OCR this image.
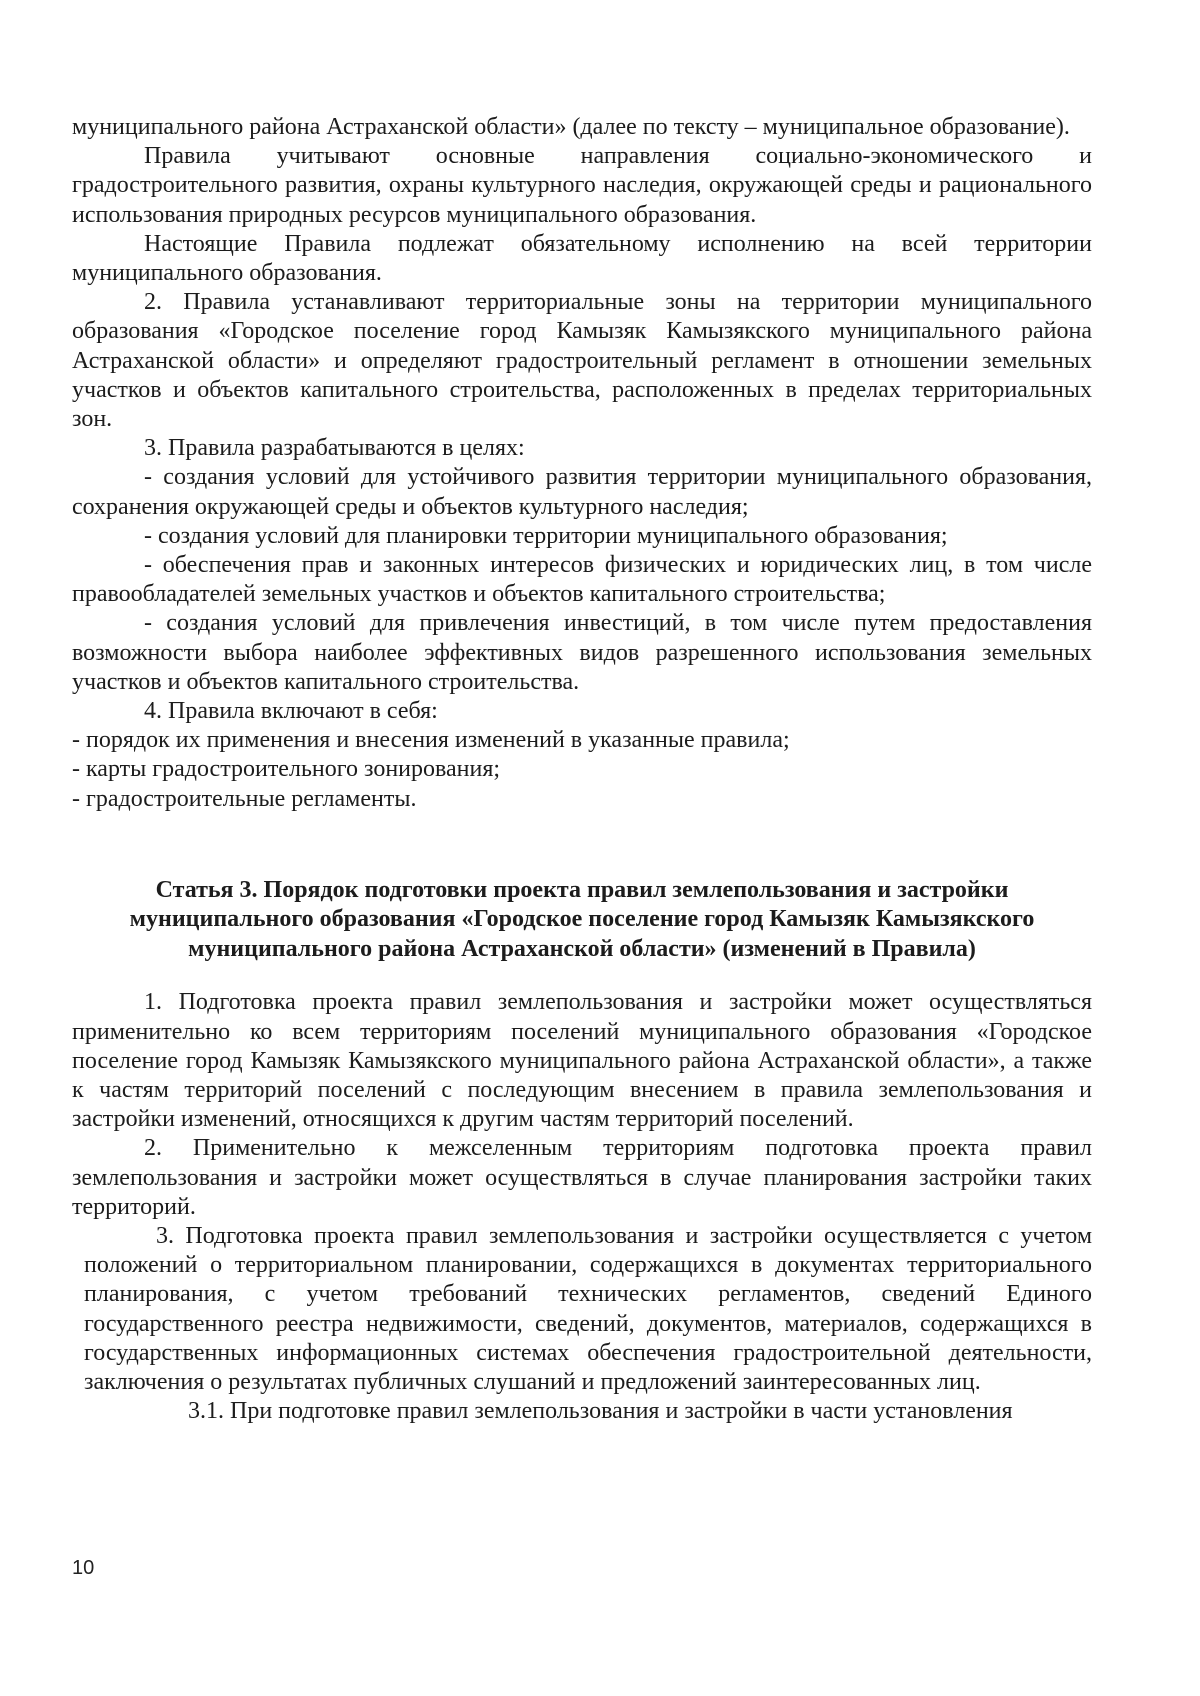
муниципального района Астраханской области» (далее по тексту – муниципальное образование).

Правила учитывают основные направления социально-экономического и градостроительного развития, охраны культурного наследия, окружающей среды и рационального использования природных ресурсов муниципального образования.

Настоящие Правила подлежат обязательному исполнению на всей территории муниципального образования.

2. Правила устанавливают территориальные зоны на территории муниципального образования «Городское поселение город Камызяк Камызякского муниципального района Астраханской области» и определяют градостроительный регламент в отношении земельных участков и объектов капитального строительства, расположенных в пределах территориальных зон.

3. Правила разрабатываются в целях:

- создания условий для устойчивого развития территории муниципального образования, сохранения окружающей среды и объектов культурного наследия;

- создания условий для планировки территории муниципального образования;

- обеспечения прав и законных интересов физических и юридических лиц, в том числе правообладателей земельных участков и объектов капитального строительства;

- создания условий для привлечения инвестиций, в том числе путем предоставления возможности выбора наиболее эффективных видов разрешенного использования земельных участков и объектов капитального строительства.

4. Правила включают в себя:

- порядок их применения и внесения изменений в указанные правила;

- карты градостроительного зонирования;

- градостроительные регламенты.

Статья 3. Порядок подготовки проекта правил землепользования и застройки муниципального образования «Городское поселение город Камызяк Камызякского муниципального района Астраханской области» (изменений в Правила)

1. Подготовка проекта правил землепользования и застройки может осуществляться применительно ко всем территориям поселений муниципального образования «Городское поселение город Камызяк Камызякского муниципального района Астраханской области», а также к частям территорий поселений с последующим внесением в правила землепользования и застройки изменений, относящихся к другим частям территорий поселений.

2. Применительно к межселенным территориям подготовка проекта правил землепользования и застройки может осуществляться в случае планирования застройки таких территорий.

3. Подготовка проекта правил землепользования и застройки осуществляется с учетом положений о территориальном планировании, содержащихся в документах территориального планирования, с учетом требований технических регламентов, сведений Единого государственного реестра недвижимости, сведений, документов, материалов, содержащихся в государственных информационных системах обеспечения градостроительной деятельности, заключения о результатах публичных слушаний и предложений заинтересованных лиц.

3.1. При подготовке правил землепользования и застройки в части установления

10
